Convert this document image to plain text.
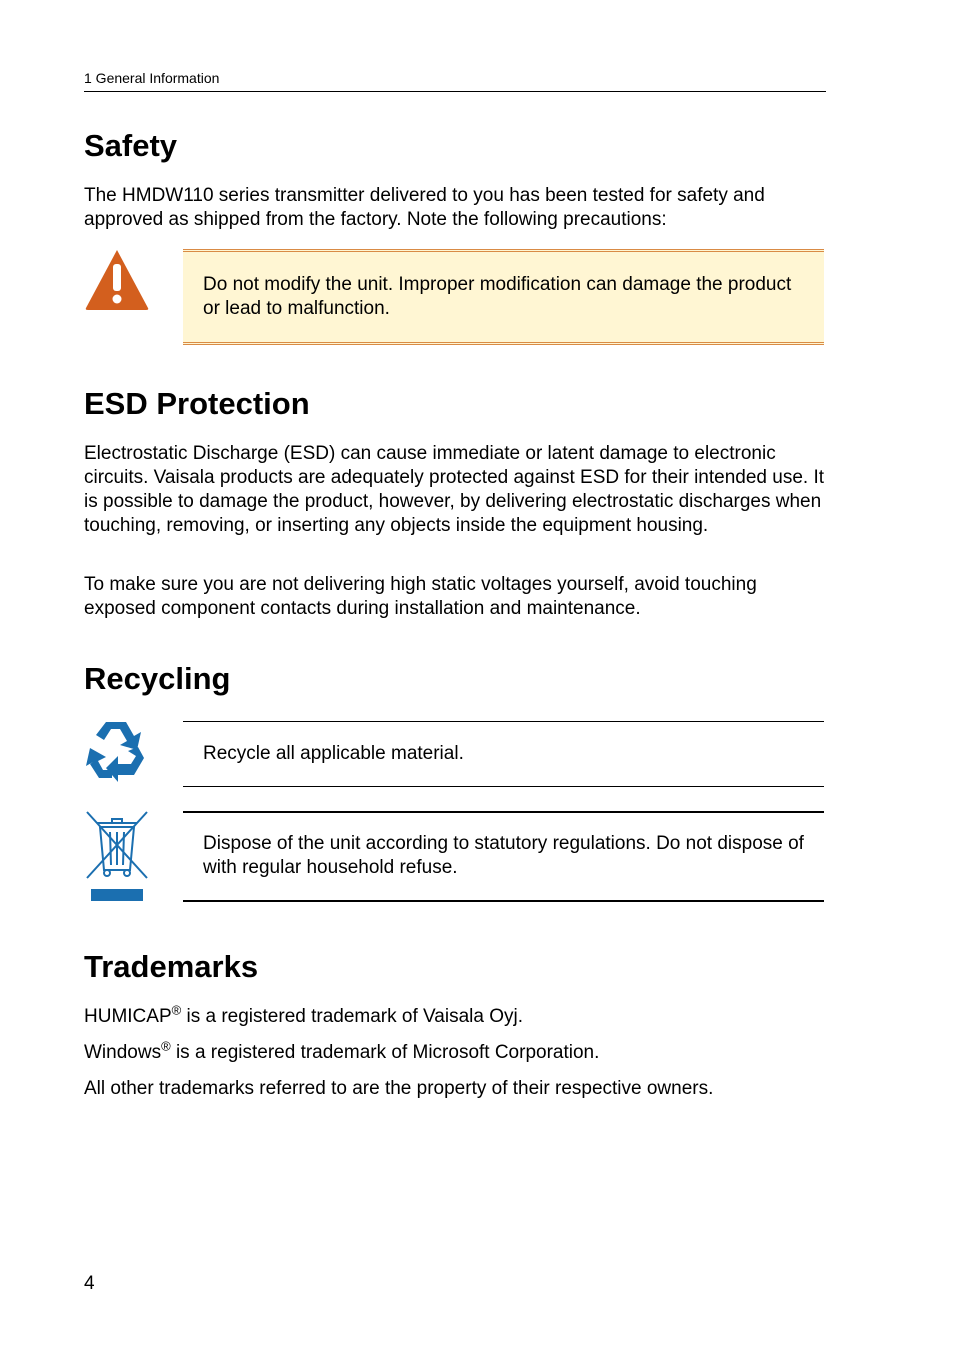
1 General Information
Safety

The HMDW110 series transmitter delivered to you has been tested for safety and approved as shipped from the factory. Note the following precautions:

Do not modify the unit. Improper modification can damage the product or lead to malfunction.
ESD Protection

Electrostatic Discharge (ESD) can cause immediate or latent damage to electronic circuits. Vaisala products are adequately protected against ESD for their intended use. It is possible to damage the product, however, by delivering electrostatic discharges when touching, removing, or inserting any objects inside the equipment housing.

To make sure you are not delivering high static voltages yourself, avoid touching exposed component contacts during installation and maintenance.

Recycling
Recycle all applicable material.
Dispose of the unit according to statutory regulations. Do not dispose of with regular household refuse.
Trademarks

HUMICAP® is a registered trademark of Vaisala Oyj.

Windows® is a registered trademark of Microsoft Corporation.

All other trademarks referred to are the property of their respective owners.

4
